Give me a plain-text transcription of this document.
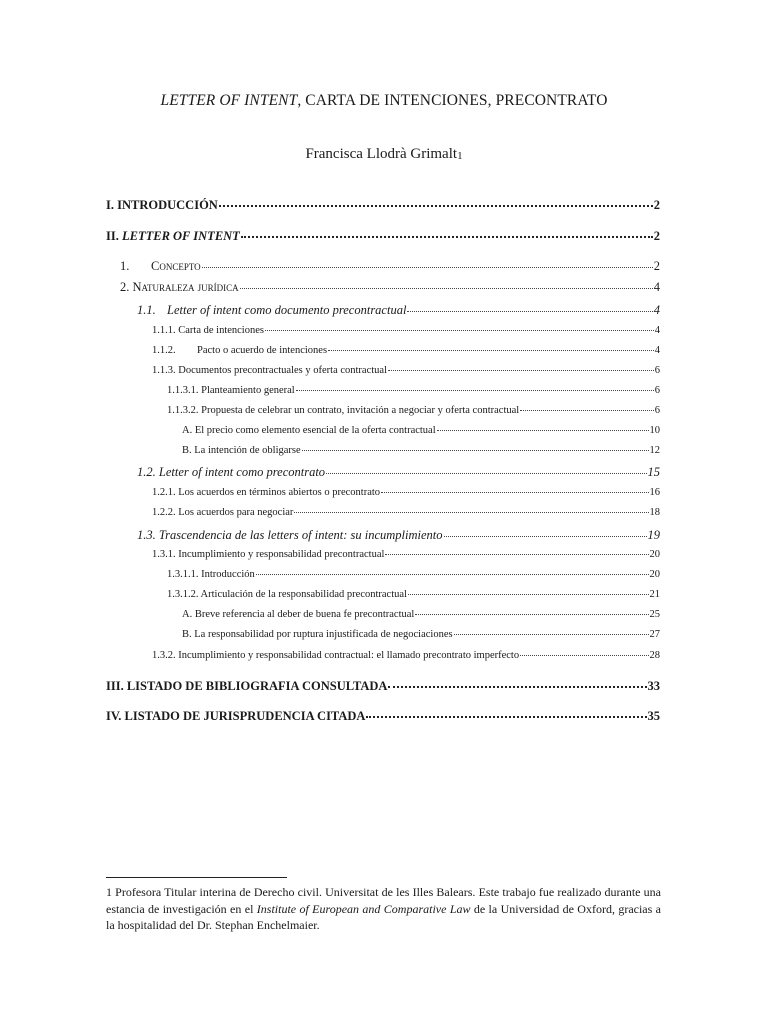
LETTER OF INTENT, CARTA DE INTENCIONES, PRECONTRATO
Francisca Llodrà Grimalt$^1$
I. INTRODUCCIÓN	2
II. LETTER OF INTENT	2
1. Concepto	2
2. Naturaleza jurídica	4
1.1. Letter of intent como documento precontractual	4
1.1.1. Carta de intenciones	4
1.1.2. Pacto o acuerdo de intenciones	4
1.1.3. Documentos precontractuales y oferta contractual	6
1.1.3.1. Planteamiento general	6
1.1.3.2. Propuesta de celebrar un contrato, invitación a negociar y oferta contractual	6
A. El precio como elemento esencial de la oferta contractual	10
B. La intención de obligarse	12
1.2. Letter of intent como precontrato	15
1.2.1. Los acuerdos en términos abiertos o precontrato	16
1.2.2. Los acuerdos para negociar	18
1.3. Trascendencia de las letters of intent: su incumplimiento	19
1.3.1. Incumplimiento y responsabilidad precontractual	20
1.3.1.1. Introducción	20
1.3.1.2. Articulación de la responsabilidad precontractual	21
A. Breve referencia al deber de buena fe precontractual	25
B. La responsabilidad por ruptura injustificada de negociaciones	27
1.3.2. Incumplimiento y responsabilidad contractual: el llamado precontrato imperfecto	28
III. LISTADO DE BIBLIOGRAFIA CONSULTADA	33
IV. LISTADO DE JURISPRUDENCIA CITADA	35
1 Profesora Titular interina de Derecho civil. Universitat de les Illes Balears. Este trabajo fue realizado durante una estancia de investigación en el Institute of European and Comparative Law de la Universidad de Oxford, gracias a la hospitalidad del Dr. Stephan Enchelmaier.
